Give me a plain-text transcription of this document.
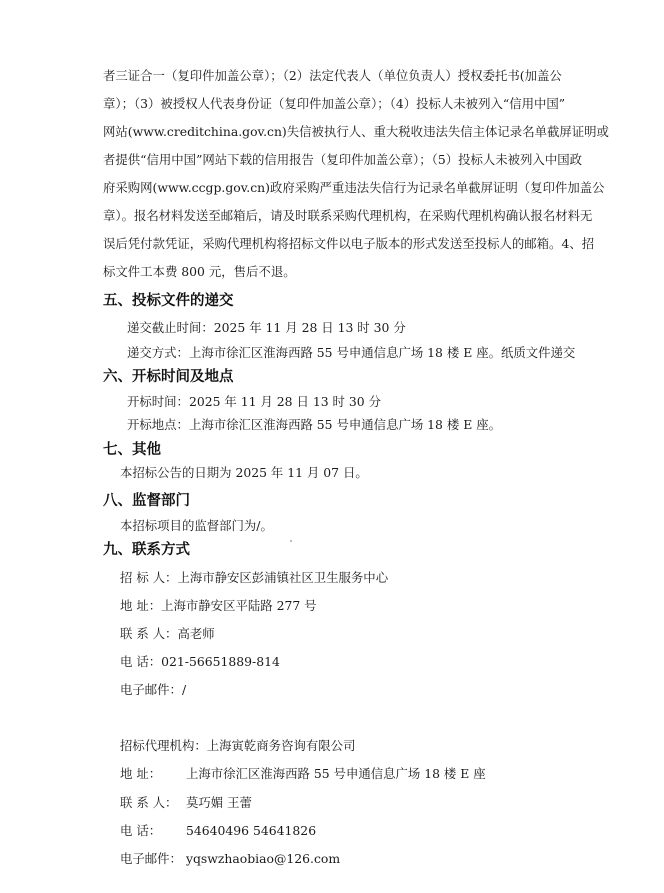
者三证合一（复印件加盖公章）；（2）法定代表人（单位负责人）授权委托书(加盖公
章）；（3）被授权人代表身份证（复印件加盖公章）；（4）投标人未被列入“信用中国”
网站(www.creditchina.gov.cn)失信被执行人、重大税收违法失信主体记录名单截屏证明或
者提供“信用中国”网站下载的信用报告（复印件加盖公章）；（5）投标人未被列入中国政
府采购网(www.ccgp.gov.cn)政府采购严重违法失信行为记录名单截屏证明（复印件加盖公
章）。报名材料发送至邮箱后，请及时联系采购代理机构，在采购代理机构确认报名材料无
误后凭付款凭证，采购代理机构将招标文件以电子版本的形式发送至投标人的邮箱。4、招
标文件工本费 800 元，售后不退。
五、投标文件的递交
递交截止时间：2025 年 11 月 28 日 13 时 30 分
递交方式：上海市徐汇区淮海西路 55 号申通信息广场 18 楼 E 座。纸质文件递交
六、开标时间及地点
开标时间：2025 年 11 月 28 日 13 时 30 分
开标地点：上海市徐汇区淮海西路 55 号申通信息广场 18 楼 E 座。
七、其他
本招标公告的日期为 2025 年 11 月 07 日。
八、监督部门
本招标项目的监督部门为/。
九、联系方式
招 标 人：上海市静安区彭浦镇社区卫生服务中心
地 址：上海市静安区平陆路 277 号
联 系 人：高老师
电 话：021-56651889-814
电子邮件：/
招标代理机构：上海寅乾商务咨询有限公司
地 址： 上海市徐汇区淮海西路 55 号申通信息广场 18 楼 E 座
联 系 人： 莫巧媚 王蕾
电 话： 54640496 54641826
电子邮件： yqswzhaobiao@126.com
